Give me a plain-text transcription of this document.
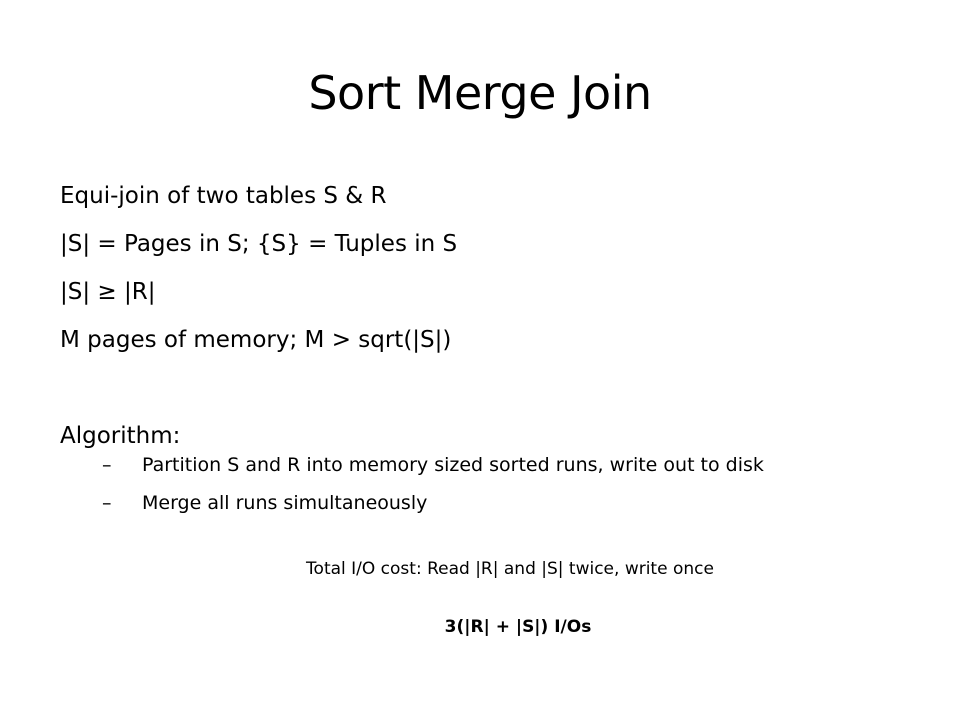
Sort Merge Join
Equi-join of two tables S & R
|S| = Pages in S; {S} = Tuples in S
|S| ≥ |R|
M pages of memory; M > sqrt(|S|)
Algorithm:
– Partition S and R into memory sized sorted runs, write out to disk
– Merge all runs simultaneously
Total I/O cost: Read |R| and |S| twice, write once
3(|R| + |S|) I/Os
